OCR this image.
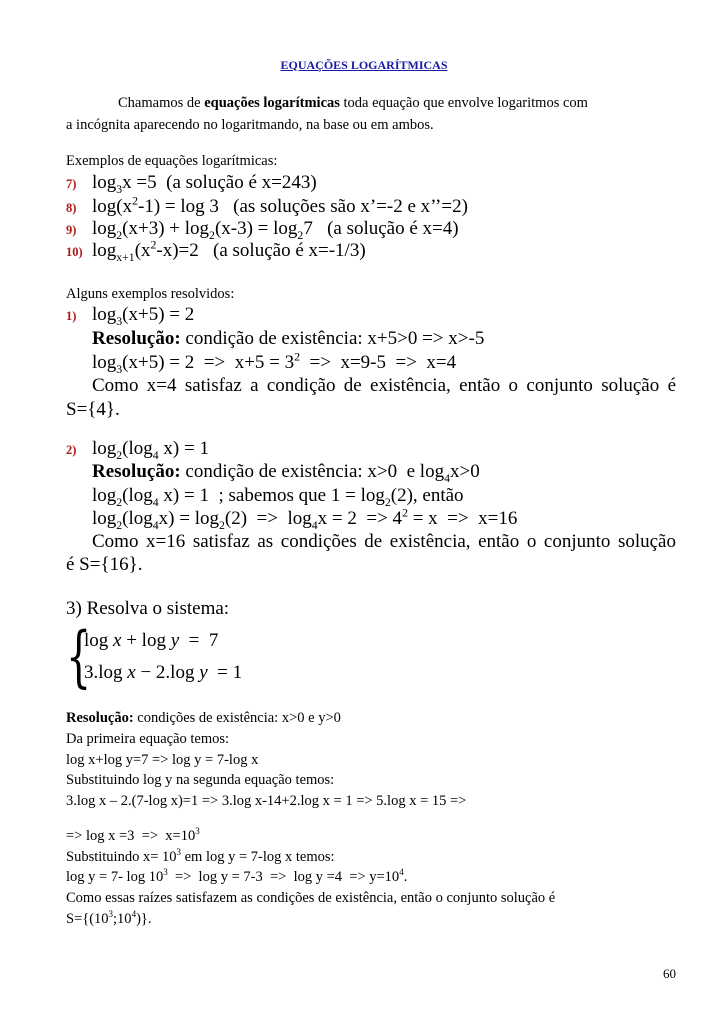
EQUAÇÕES LOGARÍTMICAS
Chamamos de equações logarítmicas toda equação que envolve logaritmos com
a incógnita aparecendo no logaritmando, na base ou em ambos.
Exemplos de equações logarítmicas:
7) $\log_3x =5$  (a solução é x=243)
8) $\log(x^2-1) = \log 3$   (as soluções são x’=-2 e x’’=2)
9) $\log_2(x+3) + \log_2(x-3) = \log_27$   (a solução é x=4)
10) $\log_{x+1}(x^2-x)=2$   (a solução é x=-1/3)
Alguns exemplos resolvidos:
1) $\log_3(x+5) = 2$
Resolução: condição de existência: x+5>0 => x>-5
$\log_3(x+5) = 2 => x+5 = 3^2 => x=9-5 => x=4$
Como x=4 satisfaz a condição de existência, então o conjunto solução é
S={4}.
2) $\log_2(\log_4$ x) = 1
Resolução: condição de existência: x>0  e $\log_4x>0$
$\log_2(\log_4$ x) = 1  ; sabemos que $1 = \log_2(2)$, então
$\log_2(\log_4x) = \log_2(2) => \log_4x = 2 => 4^2 = x => x=16$
Como x=16 satisfaz as condições de existência, então o conjunto solução
é S={16}.
3) Resolva o sistema:
{
log x + log y  =  7
3.log x − 2.log y  = 1
Resolução: condições de existência: x>0 e y>0
Da primeira equação temos:
log x+log y=7 => log y = 7-log x
Substituindo log y na segunda equação temos:
3.log x – 2.(7-log x)=1 => 3.log x-14+2.log x = 1 => 5.log x = 15 =>
=> $\log x =3 => x=10^3$
Substituindo $x= 10^3$ em log y = 7-log x temos:
log y = 7- $\log 10^3 => \log y = 7-3 => \log y =4 => y=10^4$.
Como essas raízes satisfazem as condições de existência, então o conjunto solução é
$S=\{(10^3;10^4)\}$.
60
